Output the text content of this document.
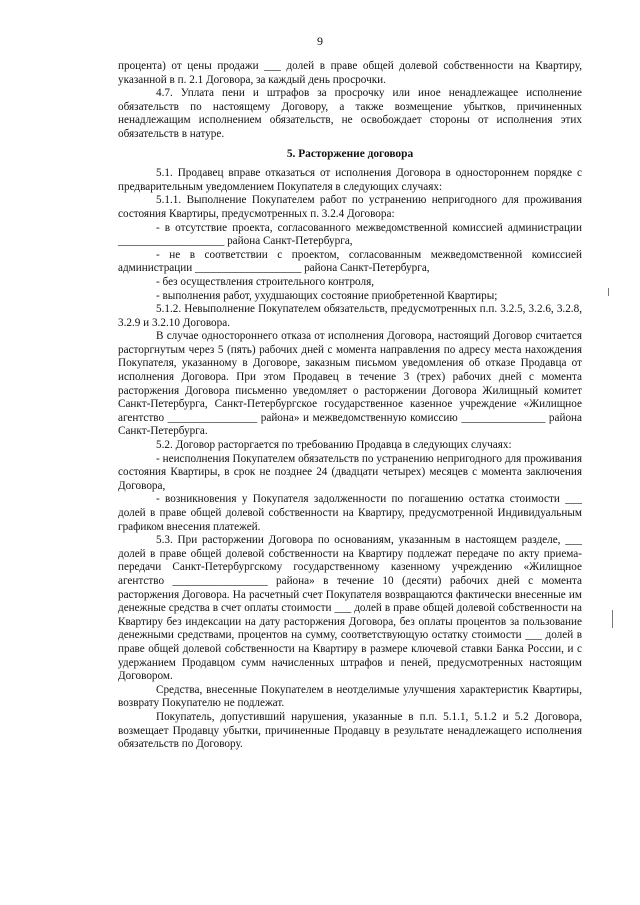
9

процента) от цены продажи ___ долей в праве общей долевой собственности на Квартиру, указанной в п. 2.1 Договора, за каждый день просрочки.

4.7. Уплата пени и штрафов за просрочку или иное ненадлежащее исполнение обязательств по настоящему Договору, а также возмещение убытков, причиненных ненадлежащим исполнением обязательств, не освобождает стороны от исполнения этих обязательств в натуре.

5. Расторжение договора

5.1. Продавец вправе отказаться от исполнения Договора в одностороннем порядке с предварительным уведомлением Покупателя в следующих случаях:

5.1.1. Выполнение Покупателем работ по устранению непригодного для проживания состояния Квартиры, предусмотренных п. 3.2.4 Договора:

- в отсутствие проекта, согласованного межведомственной комиссией администрации ___________________ района Санкт-Петербурга,

- не в соответствии с проектом, согласованным межведомственной комиссией администрации ___________________ района Санкт-Петербурга,

- без осуществления строительного контроля,

- выполнения работ, ухудшающих состояние приобретенной Квартиры;

5.1.2. Невыполнение Покупателем обязательств, предусмотренных п.п. 3.2.5, 3.2.6, 3.2.8, 3.2.9 и 3.2.10 Договора.

В случае одностороннего отказа от исполнения Договора, настоящий Договор считается расторгнутым через 5 (пять) рабочих дней с момента направления по адресу места нахождения Покупателя, указанному в Договоре, заказным письмом уведомления об отказе Продавца от исполнения Договора. При этом Продавец в течение 3 (трех) рабочих дней с момента расторжения Договора письменно уведомляет о расторжении Договора Жилищный комитет Санкт-Петербурга, Санкт-Петербургское государственное казенное учреждение «Жилищное агентство ________________ района» и межведомственную комиссию _______________ района Санкт-Петербурга.

5.2. Договор расторгается по требованию Продавца в следующих случаях:

- неисполнения Покупателем обязательств по устранению непригодного для проживания состояния Квартиры, в срок не позднее 24 (двадцати четырех) месяцев с момента заключения Договора,

- возникновения у Покупателя задолженности по погашению остатка стоимости ___ долей в праве общей долевой собственности на Квартиру, предусмотренной Индивидуальным графиком внесения платежей.

5.3. При расторжении Договора по основаниям, указанным в настоящем разделе, ___ долей в праве общей долевой собственности на Квартиру подлежат передаче по акту приема-передачи Санкт-Петербургскому государственному казенному учреждению «Жилищное агентство _________________ района» в течение 10 (десяти) рабочих дней с момента расторжения Договора. На расчетный счет Покупателя возвращаются фактически внесенные им денежные средства в счет оплаты стоимости ___ долей в праве общей долевой собственности на Квартиру без индексации на дату расторжения Договора, без оплаты процентов за пользование денежными средствами, процентов на сумму, соответствующую остатку стоимости ___ долей в праве общей долевой собственности на Квартиру в размере ключевой ставки Банка России, и с удержанием Продавцом сумм начисленных штрафов и пеней, предусмотренных настоящим Договором.

Средства, внесенные Покупателем в неотделимые улучшения характеристик Квартиры, возврату Покупателю не подлежат.

Покупатель, допустивший нарушения, указанные в п.п. 5.1.1, 5.1.2 и 5.2 Договора, возмещает Продавцу убытки, причиненные Продавцу в результате ненадлежащего исполнения обязательств по Договору.
